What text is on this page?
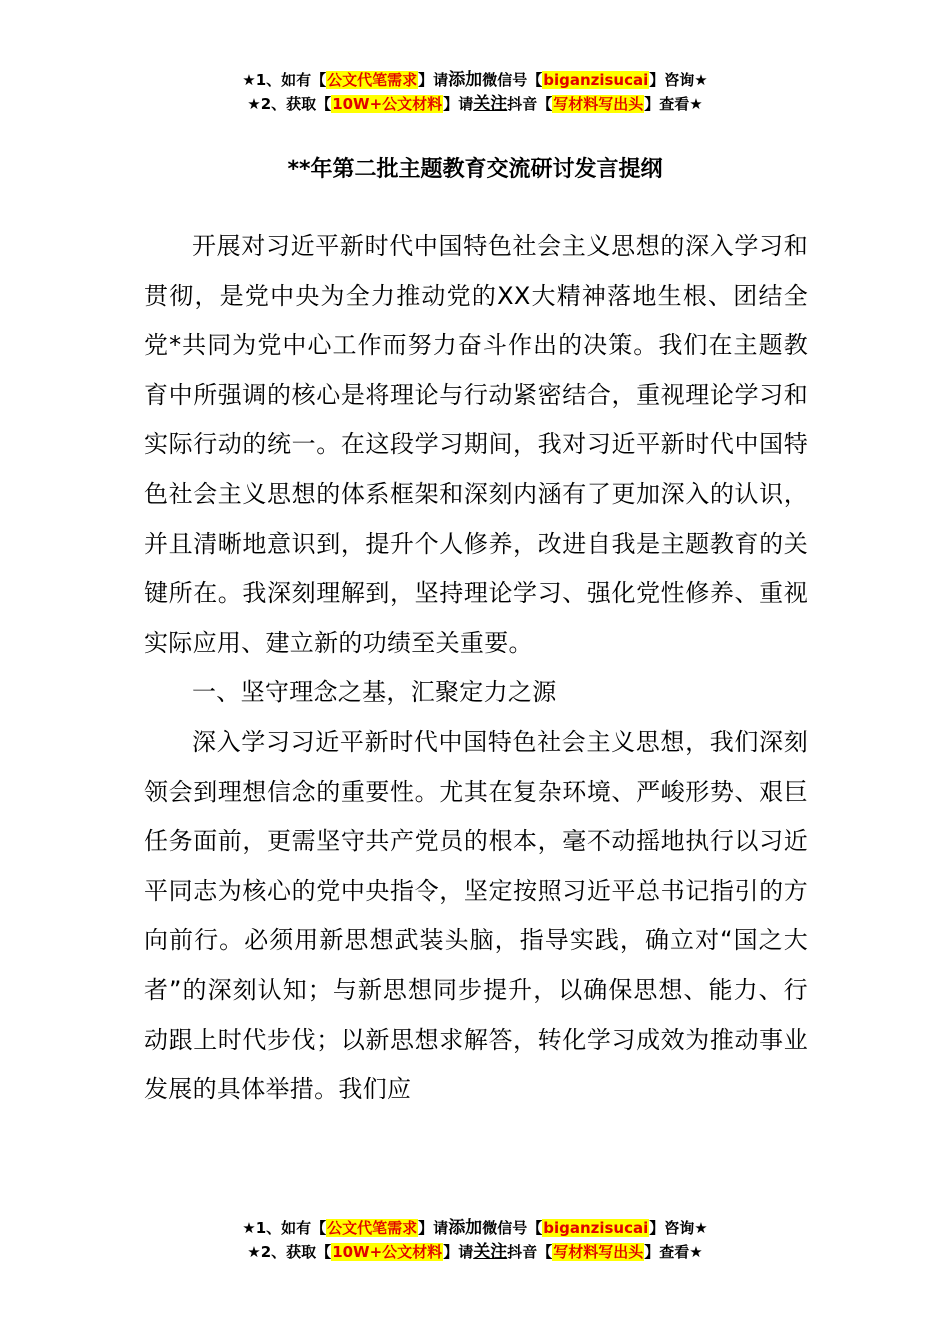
★1、如有【公文代笔需求】请添加微信号【biganzisucai】咨询★
★2、获取【10W+公文材料】请关注抖音【写材料写出头】查看★
**年第二批主题教育交流研讨发言提纲

开展对习近平新时代中国特色社会主义思想的深入学习和贯彻，是党中央为全力推动党的XX大精神落地生根、团结全党*共同为党中心工作而努力奋斗作出的决策。我们在主题教育中所强调的核心是将理论与行动紧密结合，重视理论学习和实际行动的统一。在这段学习期间，我对习近平新时代中国特色社会主义思想的体系框架和深刻内涵有了更加深入的认识，并且清晰地意识到，提升个人修养，改进自我是主题教育的关键所在。我深刻理解到，坚持理论学习、强化党性修养、重视实际应用、建立新的功绩至关重要。

一、坚守理念之基，汇聚定力之源

深入学习习近平新时代中国特色社会主义思想，我们深刻领会到理想信念的重要性。尤其在复杂环境、严峻形势、艰巨任务面前，更需坚守共产党员的根本，毫不动摇地执行以习近平同志为核心的党中央指令，坚定按照习近平总书记指引的方向前行。必须用新思想武装头脑，指导实践，确立对“国之大者”的深刻认知；与新思想同步提升，以确保思想、能力、行动跟上时代步伐；以新思想求解答，转化学习成效为推动事业发展的具体举措。我们应

★1、如有【公文代笔需求】请添加微信号【biganzisucai】咨询★
★2、获取【10W+公文材料】请关注抖音【写材料写出头】查看★
